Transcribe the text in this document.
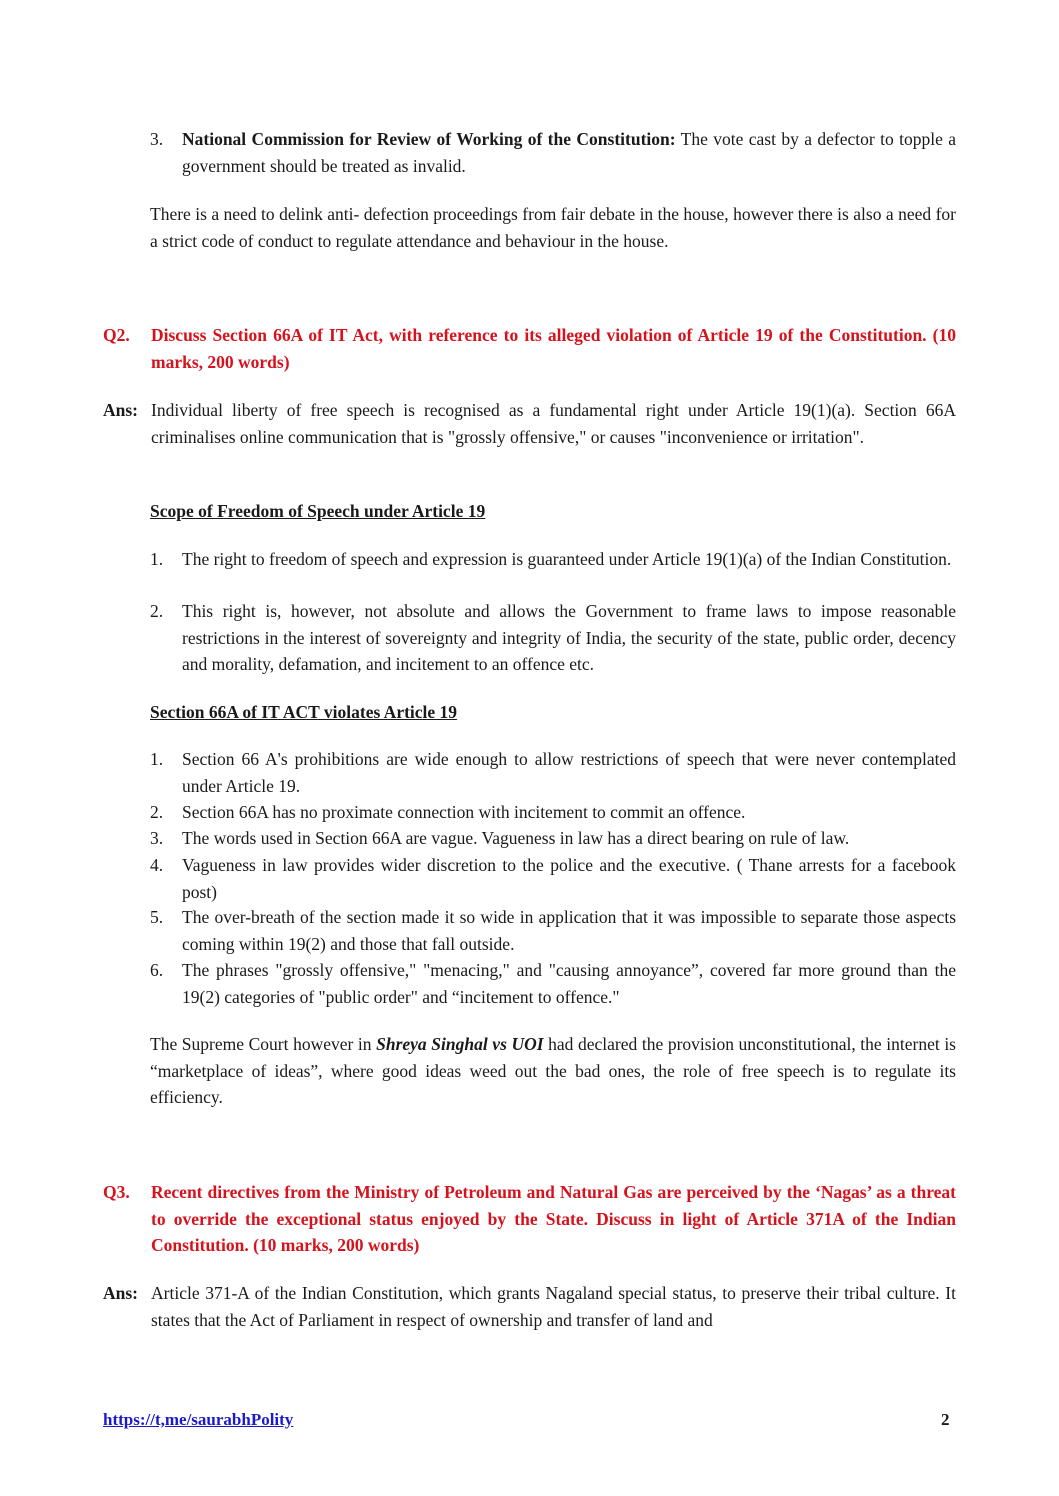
3.	National Commission for Review of Working of the Constitution: The vote cast by a defector to topple a government should be treated as invalid.
There is a need to delink anti- defection proceedings from fair debate in the house, however there is also a need for a strict code of conduct to regulate attendance and behaviour in the house.
Q2. Discuss Section 66A of IT Act, with reference to its alleged violation of Article 19 of the Constitution. (10 marks, 200 words)
Ans: Individual liberty of free speech is recognised as a fundamental right under Article 19(1)(a). Section 66A criminalises online communication that is "grossly offensive," or causes "inconvenience or irritation".
Scope of Freedom of Speech under Article 19
1.	The right to freedom of speech and expression is guaranteed under Article 19(1)(a) of the Indian Constitution.
2.	This right is, however, not absolute and allows the Government to frame laws to impose reasonable restrictions in the interest of sovereignty and integrity of India, the security of the state, public order, decency and morality, defamation, and incitement to an offence etc.
Section 66A of IT ACT violates Article 19
1.	Section 66 A's prohibitions are wide enough to allow restrictions of speech that were never contemplated under Article 19.
2.	Section 66A has no proximate connection with incitement to commit an offence.
3.	The words used in Section 66A are vague. Vagueness in law has a direct bearing on rule of law.
4.	Vagueness in law provides wider discretion to the police and the executive. ( Thane arrests for a facebook post)
5.	The over-breath of the section made it so wide in application that it was impossible to separate those aspects coming within 19(2) and those that fall outside.
6.	The phrases "grossly offensive," "menacing," and "causing annoyance”, covered far more ground than the 19(2) categories of "public order" and “incitement to offence."
The Supreme Court however in Shreya Singhal vs UOI had declared the provision unconstitutional, the internet is “marketplace of ideas”, where good ideas weed out the bad ones, the role of free speech is to regulate its efficiency.
Q3. Recent directives from the Ministry of Petroleum and Natural Gas are perceived by the ‘Nagas’ as a threat to override the exceptional status enjoyed by the State. Discuss in light of Article 371A of the Indian Constitution. (10 marks, 200 words)
Ans: Article 371-A of the Indian Constitution, which grants Nagaland special status, to preserve their tribal culture. It states that the Act of Parliament in respect of ownership and transfer of land and
https://t,me/saurabhPolity	2
